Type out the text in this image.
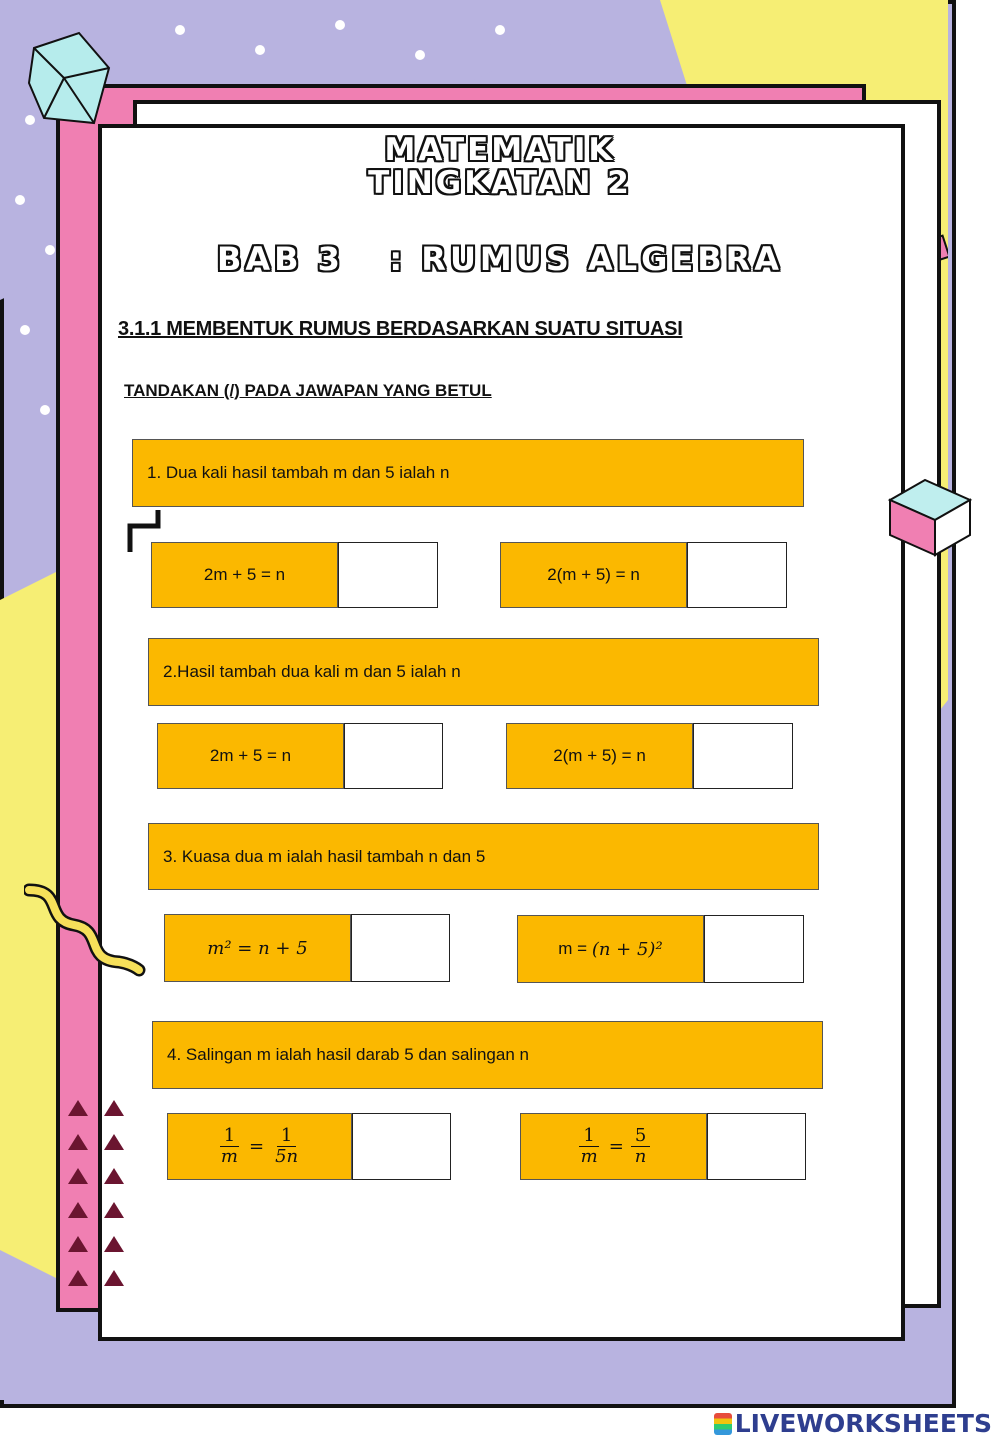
MATEMATIK
TINGKATAN 2
BAB 3   : RUMUS ALGEBRA
3.1.1 MEMBENTUK RUMUS BERDASARKAN SUATU SITUASI
TANDAKAN (/) PADA JAWAPAN YANG BETUL
1. Dua kali hasil tambah m dan 5 ialah n
2m + 5 = n	2(m + 5) = n
2.Hasil tambah dua kali m dan 5 ialah n
2m + 5 = n	2(m + 5) = n
3. Kuasa dua m ialah hasil tambah n dan 5
m² = n + 5	m = (n + 5)²
4. Salingan m ialah hasil darab 5 dan salingan n
$\frac{1}{m} = \frac{1}{5n}$	$\frac{1}{m} = \frac{5}{n}$
LIVEWORKSHEETS
